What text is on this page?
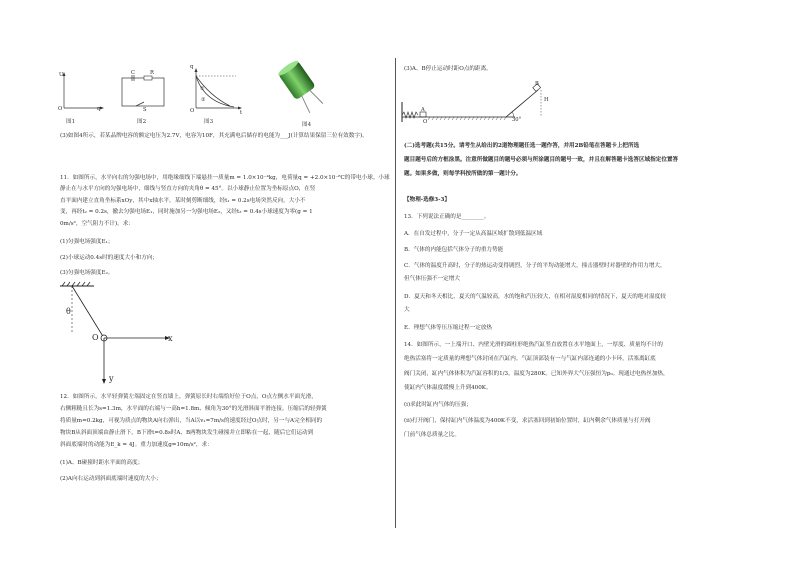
U
q
O
图1
C	R
S
图2
q
t
O
①
②
图3	图4
(3)如图4所示，若某品牌电容的额定电压为2.7V，电容为10F，其充满电后储存的电能为___J(计算结果保留三位有效数字)。
11．如图所示，水平向右的匀强电场中，用绝缘细线下端悬挂一质量m = 1.0×10⁻⁴kg，电荷量q = +2.0×10⁻⁸C的带电小球。小球
静止在与水平方向的匀强电场中，细线与竖直方向的夹角θ = 45°。以小球静止位置为坐标原点O，在竖
直平面内建立直角坐标系xOy，其中x轴水平。某时刻剪断细线，经t₁ = 0.2s电场突然反向，大小不
变，再经t₂ = 0.2s，撤去匀强电场E₁，同时施加另一匀强电场E₂，又经t₃ = 0.4s小球速度为零(g = 1
0m/s²，空气阻力不计)。求：
(1)匀强电场强度E₁；
(2)小球运动0.4s时的速度大小和方向；
(3)匀强电场强度E₂。
θ
O	x
y
12．如图所示，水平轻弹簧左端固定在竖直墙上，弹簧原长时右端恰好位于O点，O点左侧水平面光滑，
右侧粗糙且长为s=1.3m，水平面的右端与一高h=1.8m、倾角为30°的光滑斜面平滑连接。压缩后的轻弹簧
将质量m=0.2kg，可视为质点的物块A向右弹出，当A以v₁=7m/s的速度经过O点时，另一与A完全相同的
物块B从斜面顶端由静止滑下，B下滑t=0.8s时A、B两物块发生碰撞并立即粘在一起，随后它们运动到
斜面底端时的动能为E_k = 4J。重力加速度g=10m/s²，求：
(1)A、B碰撞时距水平面的高度；
(2)A向右运动到斜面底端时速度的大小；
(3)A、B停止运动时距O点的距离。
A
O
B
H
30°
(二)选考题(共15分。请考生从给出的2道物理题任选一题作答，并用2B铅笔在答题卡上把所选
题目题号后的方框涂黑。注意所做题目的题号必须与所涂题目的题号一致，并且在解答题卡选答区域指定位置答
题。如果多做，则每学科按所做的第一题计分。
【物理-选修3-3】
13．下列说法正确的是________。
A．在自发过程中，分子一定从高温区域扩散到低温区域
B．气体的内能包括气体分子的重力势能
C．气体的温度升高时，分子的热运动变得剧烈，分子的平均动能增大，撞击器壁时对器壁的作用力增大，
但气体压强不一定增大
D．夏天和冬天相比，夏天的气温较高，水的饱和汽压较大，在相对湿度相同的情况下，夏天的绝对湿度较
大
E．理想气体等压压缩过程一定放热
14．如图所示，一上端开口、内壁光滑的圆柱形绝热汽缸竖直放置在水平地面上，一厚度、质量均不计的
绝热活塞将一定质量的理想气体封闭在汽缸内。气缸顶部装有一与气缸内部连通的小卡环，活塞离缸底
阀门关闭，缸内气体体积为汽缸容积的1/3，温度为280K。已知外界大气压强恒为p₀。现通过电热丝加热，
使缸内气体温度缓慢上升到400K。
(i)求此时缸内气体的压强；
(ii)打开阀门，保持缸内气体温度为400K不变，求活塞回到初始位置时，缸内剩余气体质量与打开阀
门前气体总质量之比。
